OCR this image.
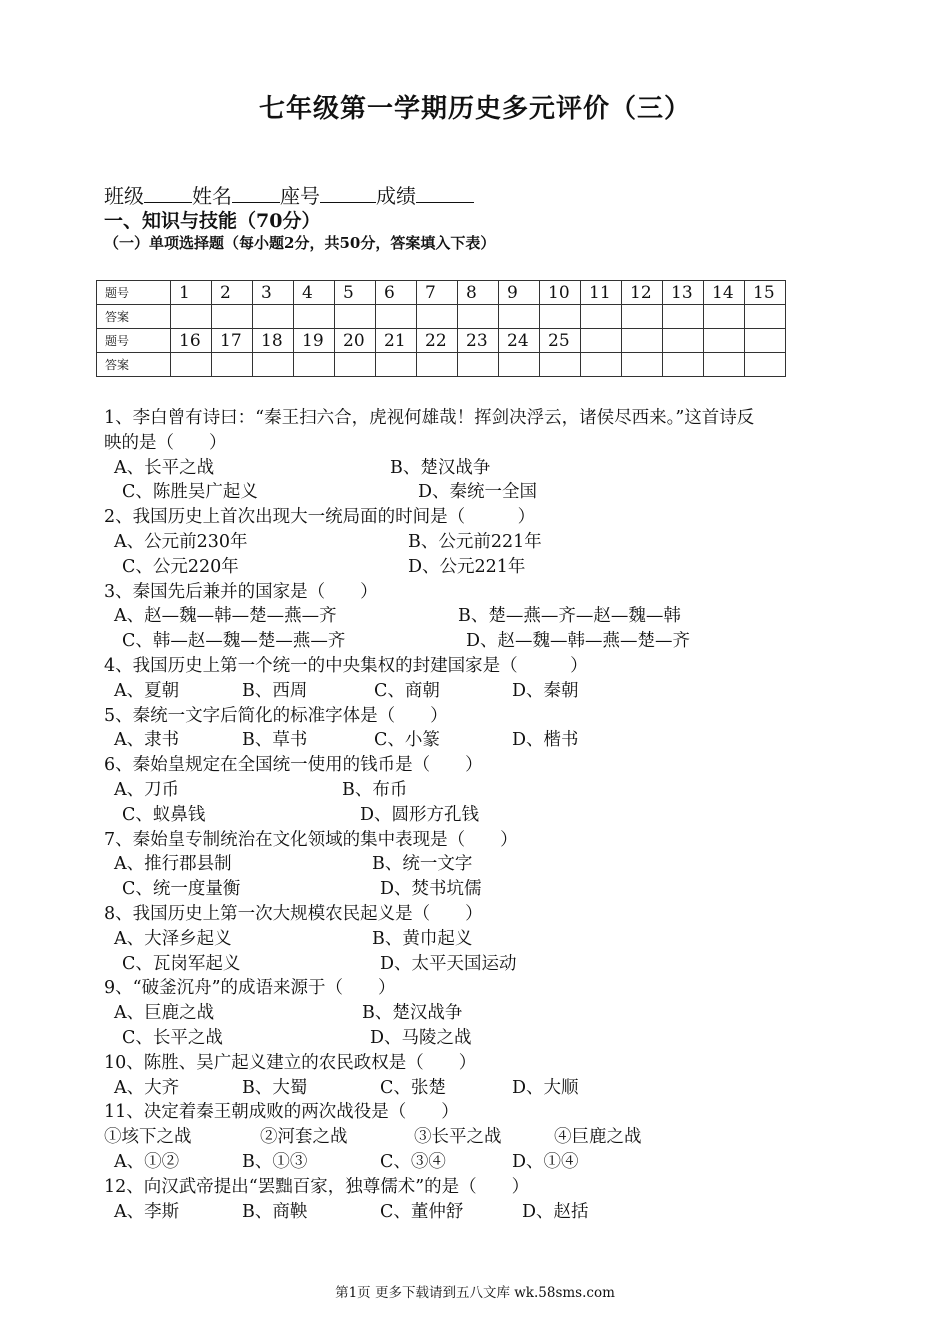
七年级第一学期历史多元评价（三）
班级 姓名 座号	成绩
一、知识与技能（70分）
（一）单项选择题（每小题2分，共50分，答案填入下表）
题号	1	2	3	4	5	6	7	8	9	10	11	12	13	14	15
答案															
题号	16	17	18	19	20	21	22	23	24	25					
答案															
1、李白曾有诗曰：“秦王扫六合，虎视何雄哉！挥剑决浮云，诸侯尽西来。”这首诗反
映的是（　　）
A、长平之战	B、楚汉战争
C、陈胜吴广起义	D、秦统一全国
2、我国历史上首次出现大一统局面的时间是（　　　）
A、公元前230年	B、公元前221年
C、公元220年	D、公元221年
3、秦国先后兼并的国家是（　　）
A、赵—魏—韩—楚—燕—齐	B、楚—燕—齐—赵—魏—韩
C、韩—赵—魏—楚—燕—齐	D、赵—魏—韩—燕—楚—齐
4、我国历史上第一个统一的中央集权的封建国家是（　　　）
A、夏朝	B、西周	C、商朝	D、秦朝
5、秦统一文字后简化的标准字体是（　　）
A、隶书	B、草书	C、小篆	D、楷书
6、秦始皇规定在全国统一使用的钱币是（　　）
A、刀币	B、布币
C、蚁鼻钱	D、圆形方孔钱
7、秦始皇专制统治在文化领域的集中表现是（　　）
A、推行郡县制	B、统一文字
C、统一度量衡	D、焚书坑儒
8、我国历史上第一次大规模农民起义是（　　）
A、大泽乡起义	B、黄巾起义
C、瓦岗军起义	D、太平天国运动
9、“破釜沉舟”的成语来源于（　　）
A、巨鹿之战	B、楚汉战争
C、长平之战	D、马陵之战
10、陈胜、吴广起义建立的农民政权是（　　）
A、大齐	B、大蜀	C、张楚	D、大顺
11、决定着秦王朝成败的两次战役是（　　）
①垓下之战	②河套之战	③长平之战	④巨鹿之战
A、①②	B、①③	C、③④	D、①④
12、向汉武帝提出“罢黜百家，独尊儒术”的是（　　）
A、李斯	B、商鞅	C、董仲舒	D、赵括
第1页 更多下载请到五八文库 wk.58sms.com
